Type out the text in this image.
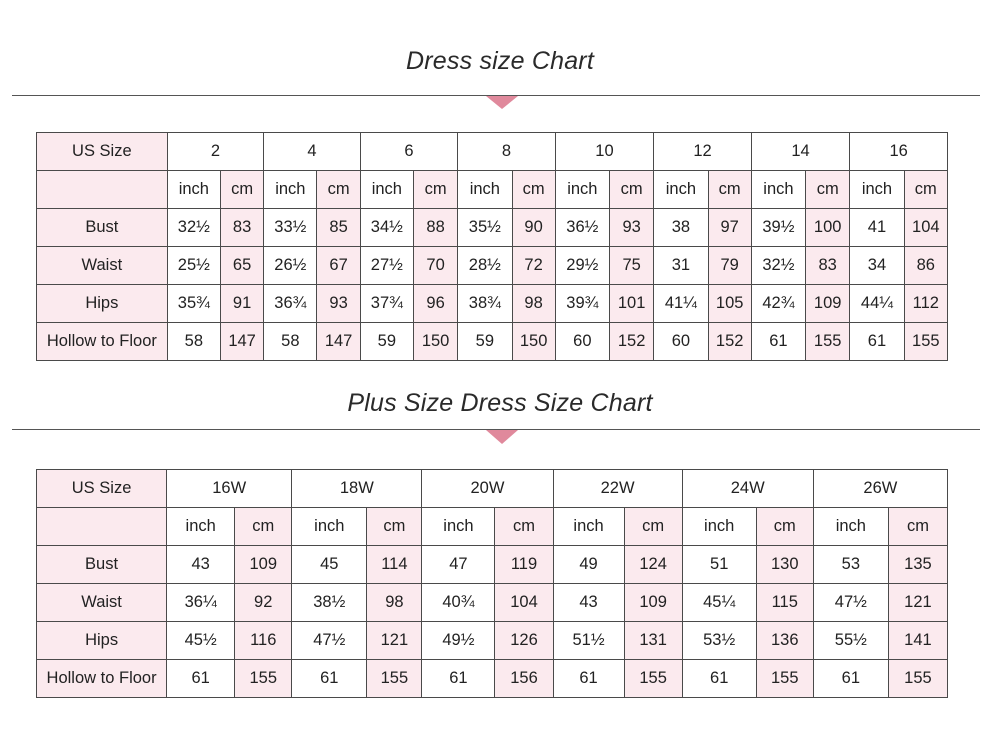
Dress size Chart
US Size	2		4		6		8		10		12		14		16	
	inch	cm	inch	cm	inch	cm	inch	cm	inch	cm	inch	cm	inch	cm	inch	cm
Bust	32½	83	33½	85	34½	88	35½	90	36½	93	38	97	39½	100	41	104
Waist	25½	65	26½	67	27½	70	28½	72	29½	75	31	79	32½	83	34	86
Hips	35¾	91	36¾	93	37¾	96	38¾	98	39¾	101	41¼	105	42¾	109	44¼	112
Hollow to Floor	58	147	58	147	59	150	59	150	60	152	60	152	61	155	61	155
Plus Size Dress Size Chart
US Size	16W		18W		20W		22W		24W		26W	
	inch	cm	inch	cm	inch	cm	inch	cm	inch	cm	inch	cm
Bust	43	109	45	114	47	119	49	124	51	130	53	135
Waist	36¼	92	38½	98	40¾	104	43	109	45¼	115	47½	121
Hips	45½	116	47½	121	49½	126	51½	131	53½	136	55½	141
Hollow to Floor	61	155	61	155	61	156	61	155	61	155	61	155
